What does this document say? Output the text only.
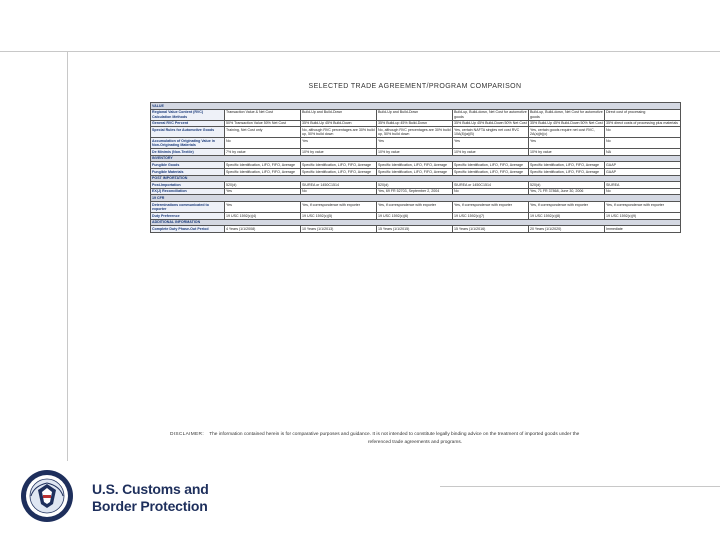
SELECTED TRADE AGREEMENT/PROGRAM COMPARISON
VALUE						
Regional Value Content (RVC) Calculation Methods	Transaction Value & Net Cost	Build-Up and Build-Down	Build-Up and Build-Down	Build-up, Build-down, Net Cost for automotive goods	Build-up, Build-down, Net Cost for automotive goods	Direct cost of processing
General RVC Percent	50% Transaction Value 50% Net Cost	35% Build-Up 45% Build-Down	35% Build-up 45% Build-Down	35% Build-Up 45% Build-Down 50% Net Cost	35% Build-Up 45% Build-Down 50% Net Cost	35% direct costs of processing plus materials
Special Rules for Automotive Goods	Training, Net Cost only	No, although RVC percentages are 30% build up, 50% build down	No, although RVC percentages are 30% build up, 50% build down	Yes, certain NAFTA singles net cost RVC 10A(8)(a)(B)	Yes, certain goods require net cost RVC, 2A(a)(b)(c)	No
Accumulation of Originating Value in Non-Originating Materials	No	Yes	Yes	Yes	Yes	No
De Minimis (Non-Textile)	7% by value	10% by value	10% by value	10% by value	10% by value	NA
INVENTORY						
Fungible Goods	Specific Identification, LIFO, FIFO, Average	Specific Identification, LIFO, FIFO, Average	Specific Identification, LIFO, FIFO, Average	Specific Identification, LIFO, FIFO, Average	Specific Identification, LIFO, FIFO, Average	GAAP
Fungible Materials	Specific Identification, LIFO, FIFO, Average	Specific Identification, LIFO, FIFO, Average	Specific Identification, LIFO, FIFO, Average	Specific Identification, LIFO, FIFO, Average	Specific Identification, LIFO, FIFO, Average	GAAP
POST IMPORTATION						
Post-Importation	520(d)	SIUREA or 1450C1514	520(d)	SIUREA or 1450C1514	520(d)	SIUREA
EX(J) Reconciliation	Yes	No	Yes, 69 FR 52703, September 2, 2004	No	Yes, 71 FR 37868, June 30, 2006	No
19 CFR						
Determinations communicated to exporter	Yes	Yes, if correspondence with exporter	Yes, if correspondence with exporter	Yes, if correspondence with exporter	Yes, if correspondence with exporter	Yes, if correspondence with exporter
Duty Preference	19 USC 1592(c)(4)	19 USC 1592(c)(5)	19 USC 1592(c)(6)	19 USC 1592(c)(7)	19 USC 1592(c)(8)	19 USC 1592(c)(9)
ADDITIONAL INFORMATION						
Complete Duty Phase-Out Period	4 Years (1/1/2008)	10 Years (1/1/2013)	15 Years (1/1/2015)	15 Years (1/1/2016)	20 Years (1/1/2020)	Immediate
DISCLAIMER: The information contained herein is for comparative purposes and guidance. It is not intended to constitute legally binding advice on the treatment of imported goods under the
referenced trade agreements and programs.
U.S. Customs and
Border Protection
